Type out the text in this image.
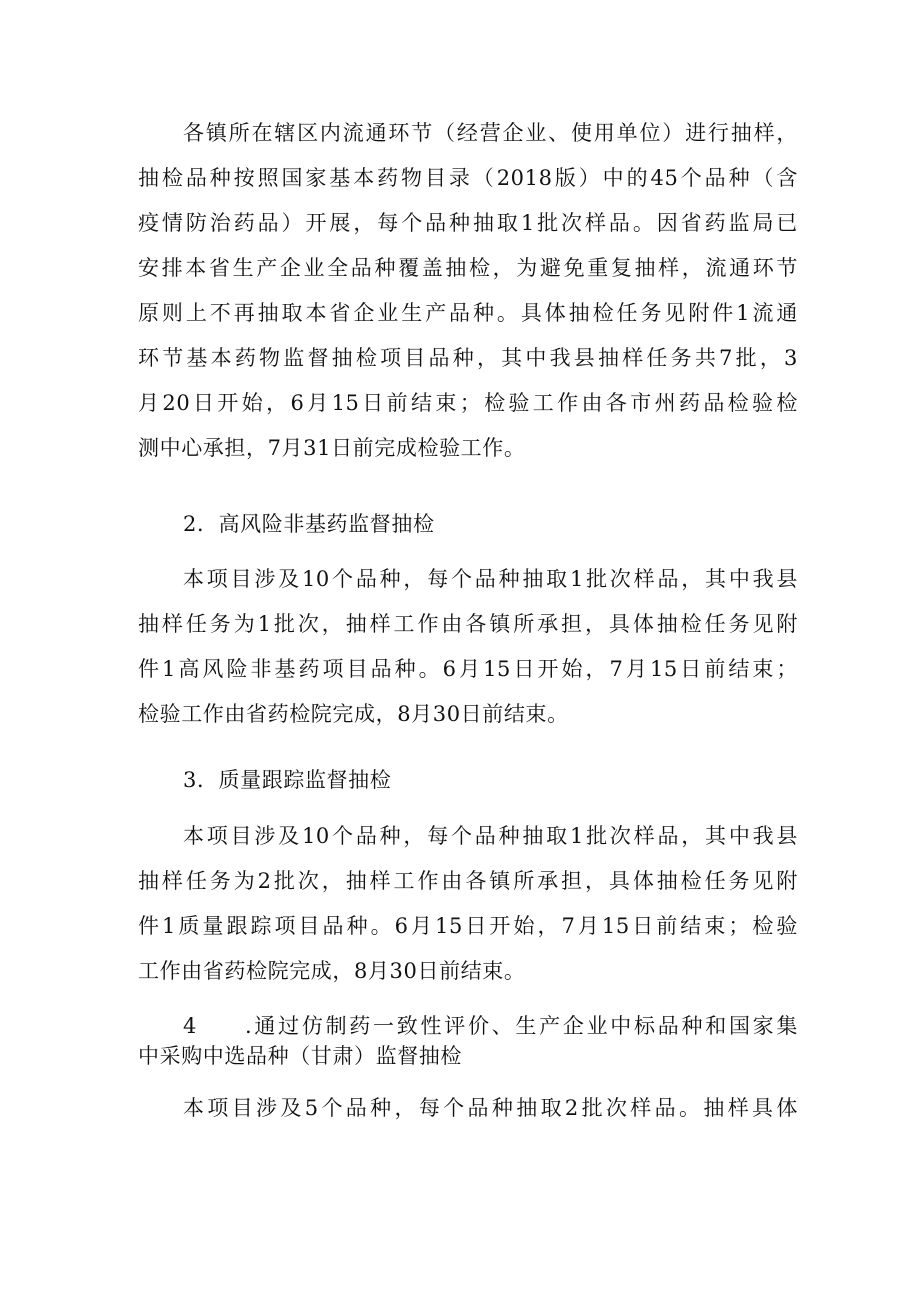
各镇所在辖区内流通环节（经营企业、使用单位）进行抽样，
抽检品种按照国家基本药物目录（2018版）中的45个品种（含
疫情防治药品）开展，每个品种抽取1批次样品。因省药监局已
安排本省生产企业全品种覆盖抽检，为避免重复抽样，流通环节
原则上不再抽取本省企业生产品种。具体抽检任务见附件1流通
环节基本药物监督抽检项目品种，其中我县抽样任务共7批，3
月20日开始，6月15日前结束；检验工作由各市州药品检验检
测中心承担，7月31日前完成检验工作。
2．高风险非基药监督抽检
本项目涉及10个品种，每个品种抽取1批次样品，其中我县
抽样任务为1批次，抽样工作由各镇所承担，具体抽检任务见附
件1高风险非基药项目品种。6月15日开始，7月15日前结束；
检验工作由省药检院完成，8月30日前结束。
3．质量跟踪监督抽检
本项目涉及10个品种，每个品种抽取1批次样品，其中我县
抽样任务为2批次，抽样工作由各镇所承担，具体抽检任务见附
件1质量跟踪项目品种。6月15日开始，7月15日前结束；检验
工作由省药检院完成，8月30日前结束。
4	.通过仿制药一致性评价、生产企业中标品种和国家集
中采购中选品种（甘肃）监督抽检
本项目涉及5个品种，每个品种抽取2批次样品。抽样具体
